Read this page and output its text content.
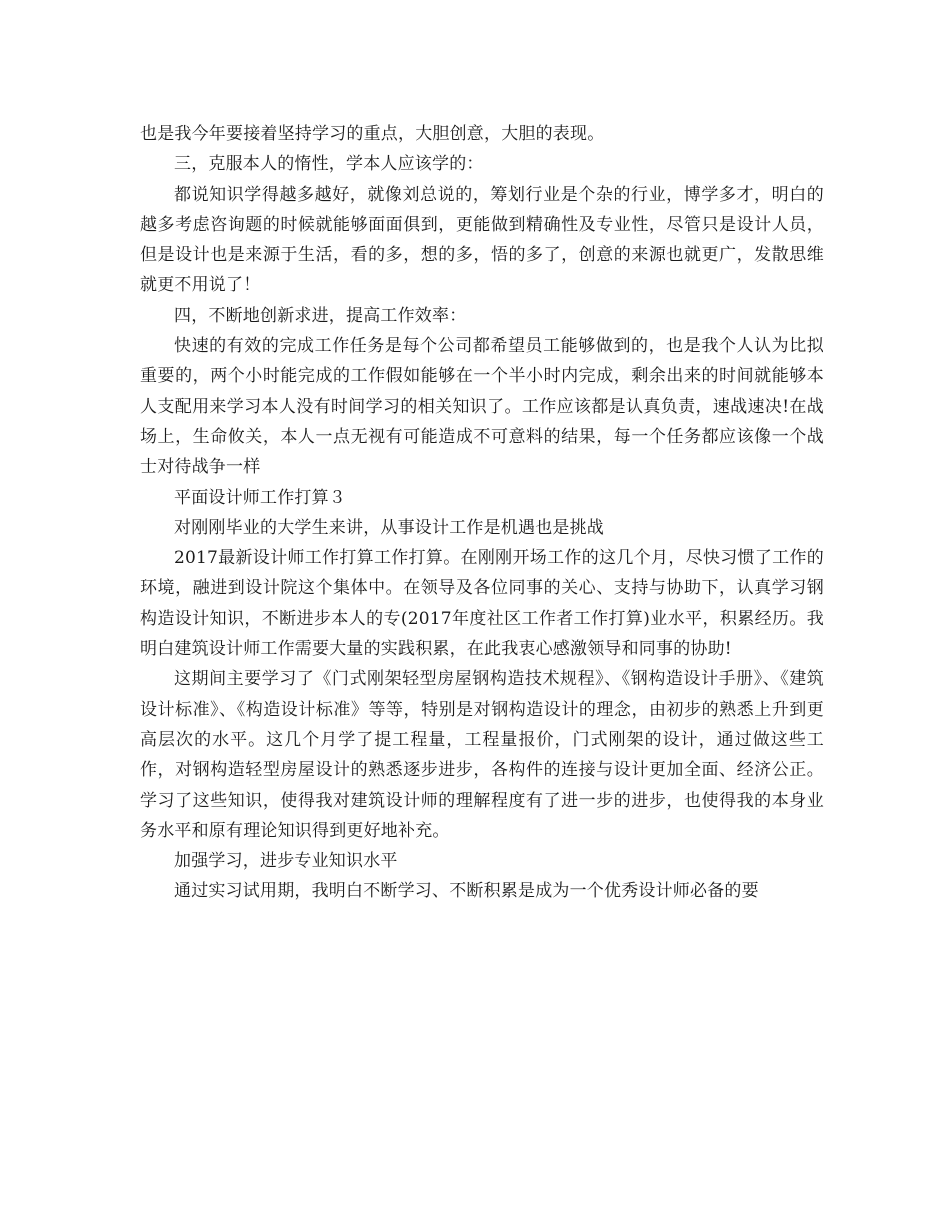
也是我今年要接着坚持学习的重点，大胆创意，大胆的表现。

三，克服本人的惰性，学本人应该学的：

都说知识学得越多越好，就像刘总说的，筹划行业是个杂的行业，博学多才，明白的越多考虑咨询题的时候就能够面面俱到，更能做到精确性及专业性，尽管只是设计人员，但是设计也是来源于生活，看的多，想的多，悟的多了，创意的来源也就更广，发散思维就更不用说了！

四，不断地创新求进，提高工作效率：

快速的有效的完成工作任务是每个公司都希望员工能够做到的，也是我个人认为比拟重要的，两个小时能完成的工作假如能够在一个半小时内完成，剩余出来的时间就能够本人支配用来学习本人没有时间学习的相关知识了。工作应该都是认真负责，速战速决!在战场上，生命攸关，本人一点无视有可能造成不可意料的结果，每一个任务都应该像一个战士对待战争一样

平面设计师工作打算３

对刚刚毕业的大学生来讲，从事设计工作是机遇也是挑战

2017最新设计师工作打算工作打算。在刚刚开场工作的这几个月，尽快习惯了工作的环境，融进到设计院这个集体中。在领导及各位同事的关心、支持与协助下，认真学习钢构造设计知识，不断进步本人的专(2017年度社区工作者工作打算)业水平，积累经历。我明白建筑设计师工作需要大量的实践积累，在此我衷心感激领导和同事的协助!

这期间主要学习了《门式刚架轻型房屋钢构造技术规程》、《钢构造设计手册》、《建筑设计标准》、《构造设计标准》等等，特别是对钢构造设计的理念，由初步的熟悉上升到更高层次的水平。这几个月学了提工程量，工程量报价，门式刚架的设计，通过做这些工作，对钢构造轻型房屋设计的熟悉逐步进步，各构件的连接与设计更加全面、经济公正。学习了这些知识，使得我对建筑设计师的理解程度有了进一步的进步，也使得我的本身业务水平和原有理论知识得到更好地补充。

加强学习，进步专业知识水平

通过实习试用期，我明白不断学习、不断积累是成为一个优秀设计师必备的要
